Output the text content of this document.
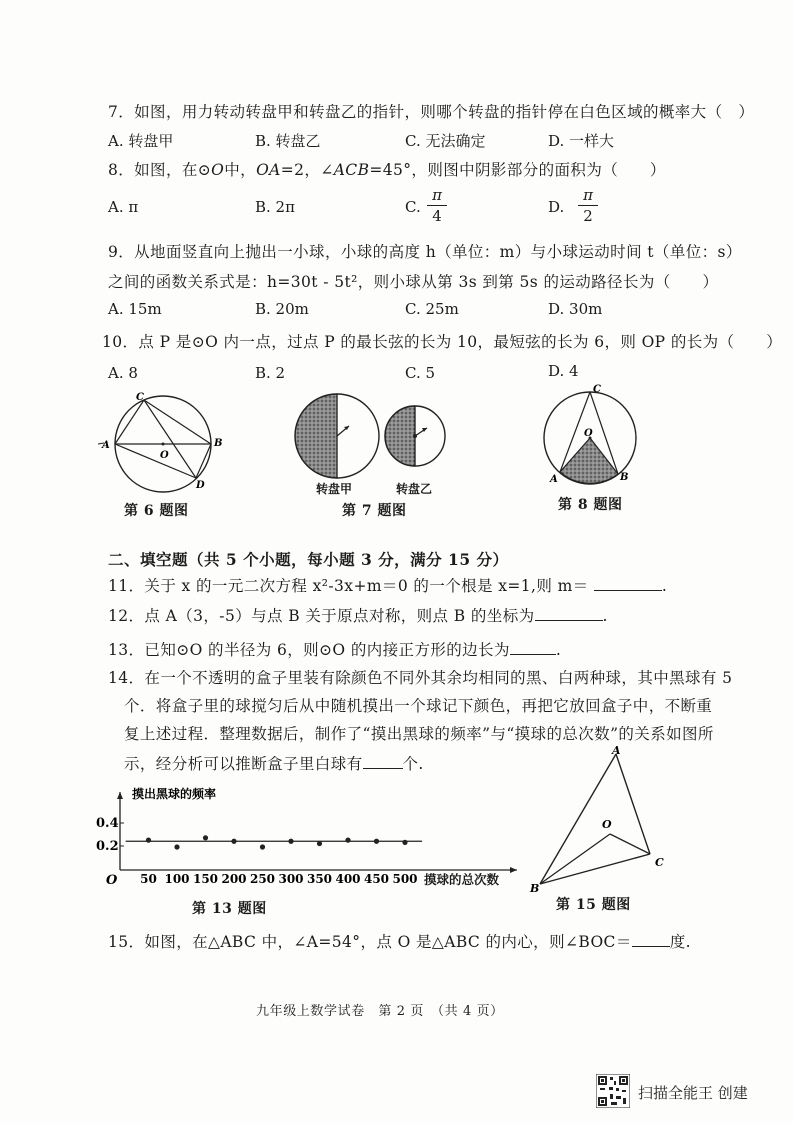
7．如图，用力转动转盘甲和转盘乙的指针，则哪个转盘的指针停在白色区域的概率大（　）
A. 转盘甲	B. 转盘乙	C. 无法确定	D. 一样大
8．如图，在⊙O中，OA=2，∠ACB=45°，则图中阴影部分的面积为（　　）
A. π	B. 2π	C. $\frac{\pi}{4}$	D. $\frac{\pi}{2}$
9．从地面竖直向上抛出一小球，小球的高度 h（单位：m）与小球运动时间 t（单位：s）
之间的函数关系式是：h=30t - 5t²，则小球从第 3s 到第 5s 的运动路径长为（　　）
A. 15m	B. 20m	C. 25m	D. 30m
10．点 P 是⊙O 内一点，过点 P 的最长弦的长为 10，最短弦的长为 6，则 OP 的长为（　　）
A. 8	B. 2	C. 5	D. 4
A	B
C
D
O
第 6 题图
转盘甲	转盘乙
第 7 题图
C
O
A	B
第 8 题图
二、填空题（共 5 个小题，每小题 3 分，满分 15 分）
11．关于 x 的一元二次方程 x²-3x+m＝0 的一个根是 x=1,则 m＝	.
12．点 A（3，-5）与点 B 关于原点对称，则点 B 的坐标为	.
13．已知⊙O 的半径为 6，则⊙O 的内接正方形的边长为	.
14．在一个不透明的盒子里装有除颜色不同外其余均相同的黑、白两种球，其中黑球有 5
个．将盒子里的球搅匀后从中随机摸出一个球记下颜色，再把它放回盒子中，不断重
复上述过程．整理数据后，制作了“摸出黑球的频率”与“摸球的总次数”的关系如图所
示，经分析可以推断盒子里白球有	个.
0.4
0.2
O
摸出黑球的频率
50 100 150 200 250 300 350 400 450 500 摸球的总次数
第 13 题图
A
B
C
O
第 15 题图
15．如图，在△ABC 中，∠A=54°，点 O 是△ABC 的内心，则∠BOC＝ 度.
九年级上数学试卷　第 2 页　（共 4 页）
扫描全能王 创建
